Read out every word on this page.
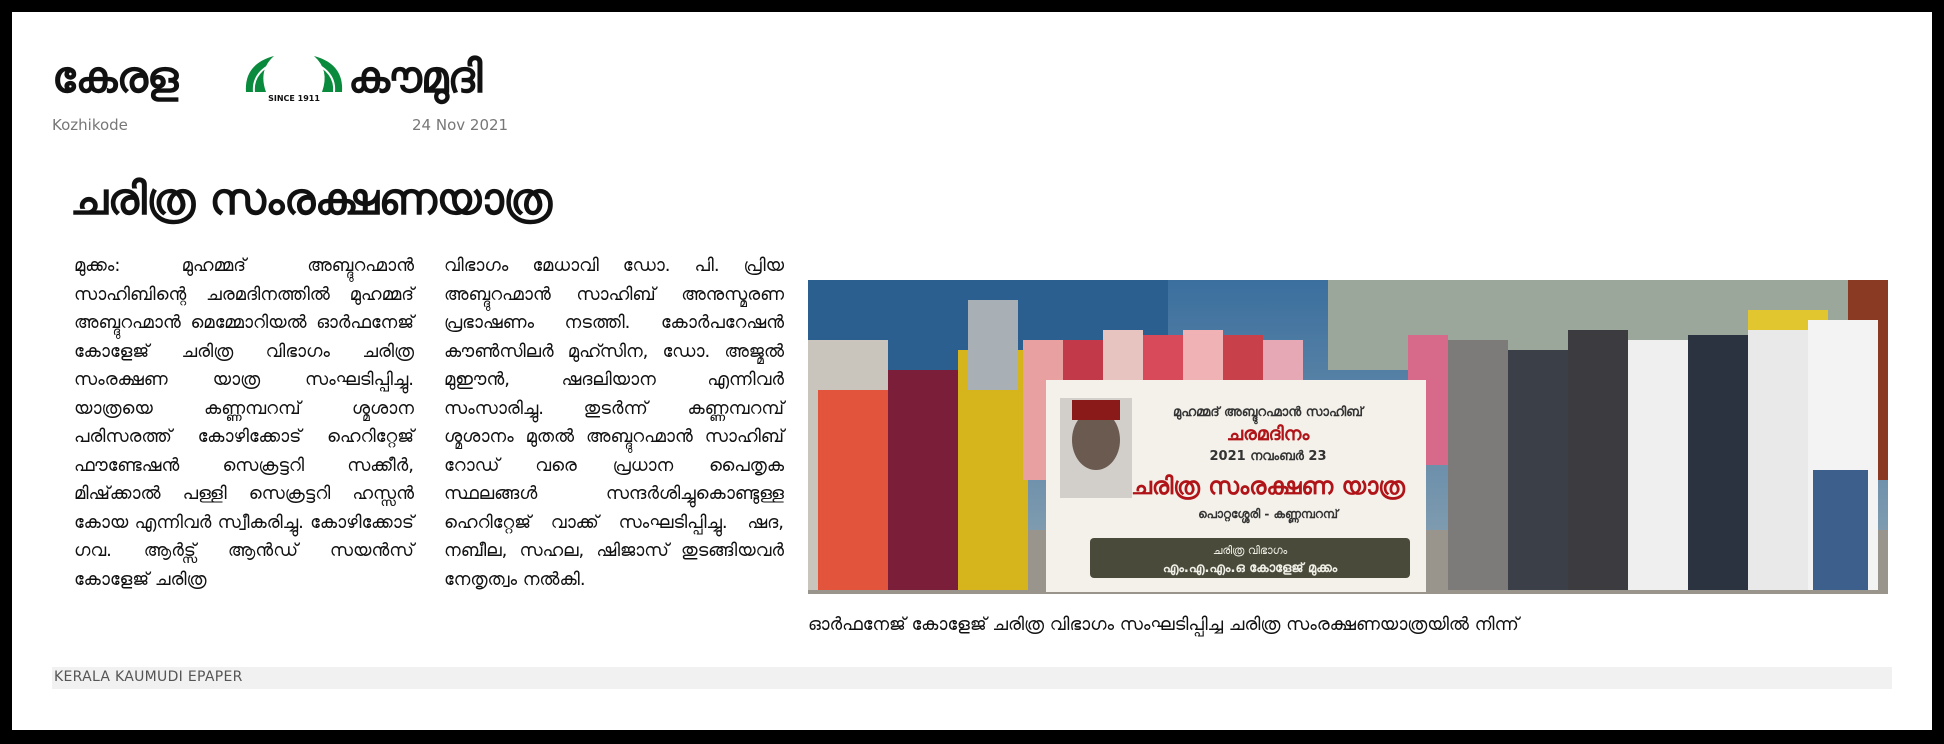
കേരള	SINCE 1911 കൗമുദി
Kozhikode	24 Nov 2021
ചരിത്ര സംരക്ഷണയാത്ര
മുക്കം: മുഹമ്മദ് അബ്ദുറഹ്മാൻ സാഹിബിന്റെ ചരമദിനത്തിൽ മുഹമ്മദ് അബ്ദുറഹ്മാൻ മെമ്മോറിയൽ ഓർഫനേജ് കോളേജ് ചരിത്ര വിഭാഗം ചരിത്ര സംരക്ഷണ യാത്ര സംഘടിപ്പിച്ചു. യാത്രയെ കണ്ണമ്പറമ്പ് ശ്മശാന പരിസരത്ത് കോഴിക്കോട് ഹെറിറ്റേജ് ഫൗണ്ടേഷൻ സെക്രട്ടറി സക്കീർ, മിഷ്‌ക്കാൽ പള്ളി സെക്രട്ടറി ഹസ്സൻ കോയ എന്നിവർ സ്വീകരിച്ചു. കോഴിക്കോട് ഗവ. ആർട്സ് ആൻഡ് സയൻസ് കോളേജ് ചരിത്ര
വിഭാഗം മേധാവി ഡോ. പി. പ്രിയ അബ്ദുറഹ്മാൻ സാഹിബ് അനുസ്മരണ പ്രഭാഷണം നടത്തി. കോർപറേഷൻ കൗൺസിലർ മുഹ്സിന, ഡോ. അജ്മൽ മുഈൻ, ഷദലിയാന എന്നിവർ സംസാരിച്ചു. തുടർന്ന് കണ്ണമ്പറമ്പ് ശ്മശാനം മുതൽ അബ്ദുറഹ്മാൻ സാഹിബ് റോഡ് വരെ പ്രധാന പൈതൃക സ്ഥലങ്ങൾ സന്ദർശിച്ചുകൊണ്ടുള്ള ഹെറിറ്റേജ് വാക്ക് സംഘടിപ്പിച്ചു. ഷദ, നബീല, സഹല, ഷിജാസ് തുടങ്ങിയവർ നേതൃത്വം നൽകി.
മുഹമ്മദ് അബ്ദുറഹ്മാൻ സാഹിബ്
ചരമദിനം
2021 നവംബർ 23
ചരിത്ര സംരക്ഷണ യാത്ര
പൊറ്റശ്ശേരി - കണ്ണമ്പറമ്പ്
ചരിത്ര വിഭാഗം
എം.എ.എം.ഒ കോളേജ് മുക്കം
ഓർഫനേജ് കോളേജ് ചരിത്ര വിഭാഗം സംഘടിപ്പിച്ച ചരിത്ര സംരക്ഷണയാത്രയിൽ നിന്ന്
KERALA KAUMUDI EPAPER
